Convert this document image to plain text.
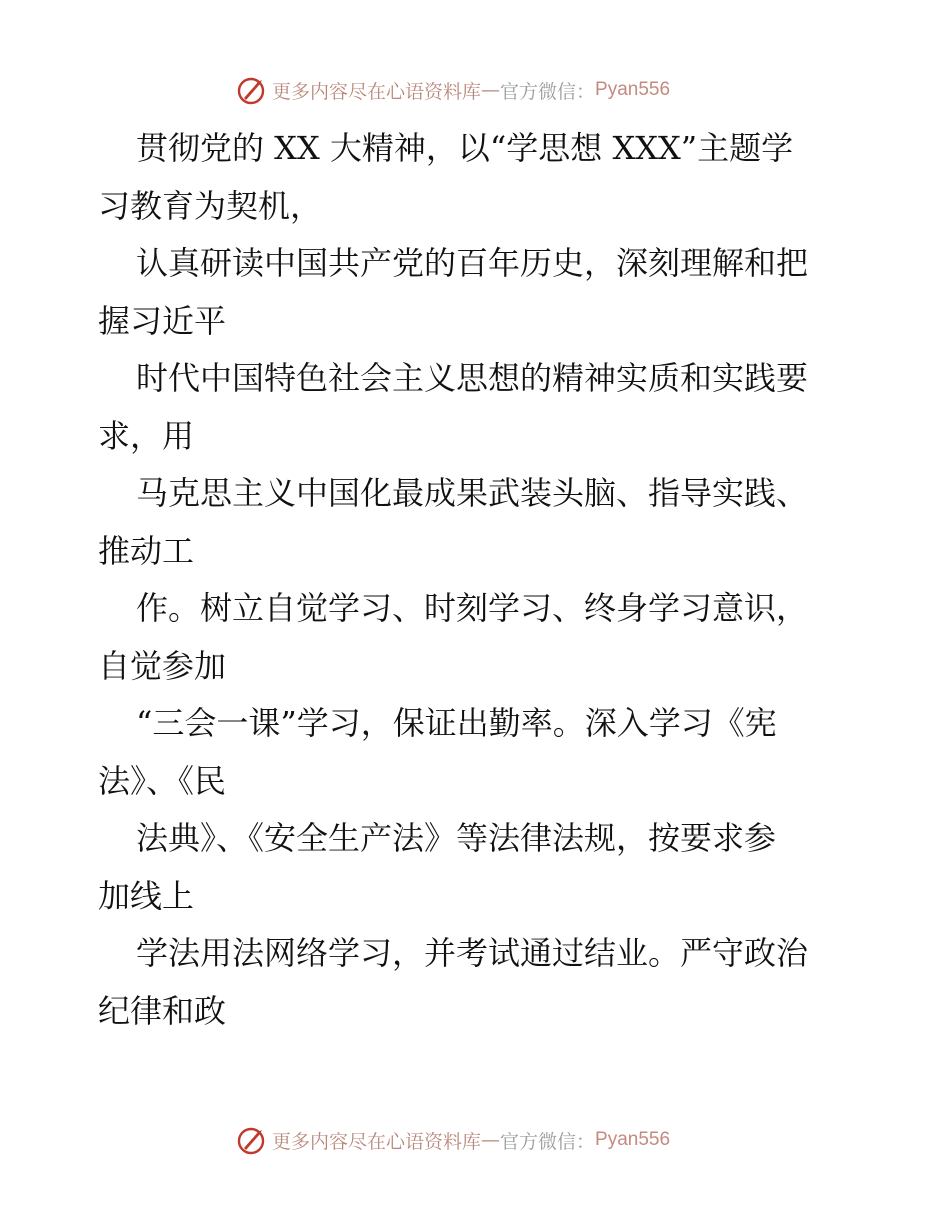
更多内容尽在心语资料库 — 官方微信： Pyan556
贯彻党的 XX 大精神，以“学思想 XXX”主题学
习教育为契机，
认真研读中国共产党的百年历史，深刻理解和把
握习近平
时代中国特色社会主义思想的精神实质和实践要
求，用
马克思主义中国化最成果武装头脑、指导实践、
推动工
作。树立自觉学习、时刻学习、终身学习意识，
自觉参加
“三会一课”学习，保证出勤率。深入学习《宪
法》、《民
法典》、《安全生产法》等法律法规，按要求参
加线上
学法用法网络学习，并考试通过结业。严守政治
纪律和政
更多内容尽在心语资料库 — 官方微信： Pyan556
